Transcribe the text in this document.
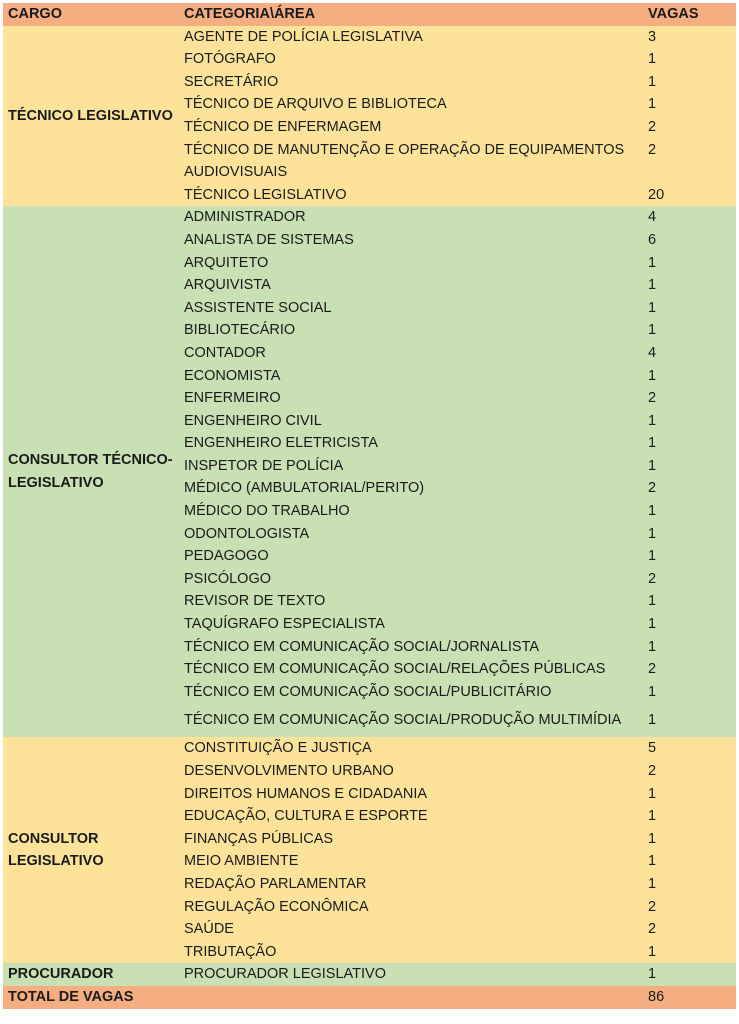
CARGO	CATEGORIA\ÁREA	VAGAS
TÉCNICO LEGISLATIVO	AGENTE DE POLÍCIA LEGISLATIVA	3
	FOTÓGRAFO	1
	SECRETÁRIO	1
	TÉCNICO DE ARQUIVO E BIBLIOTECA	1
	TÉCNICO DE ENFERMAGEM	2
	TÉCNICO DE MANUTENÇÃO E OPERAÇÃO DE EQUIPAMENTOS	2
	AUDIOVISUAIS	
	TÉCNICO LEGISLATIVO	20
CONSULTOR TÉCNICO-
LEGISLATIVO	ADMINISTRADOR	4
	ANALISTA DE SISTEMAS	6
	ARQUITETO	1
	ARQUIVISTA	1
	ASSISTENTE SOCIAL	1
	BIBLIOTECÁRIO	1
	CONTADOR	4
	ECONOMISTA	1
	ENFERMEIRO	2
	ENGENHEIRO CIVIL	1
	ENGENHEIRO ELETRICISTA	1
	INSPETOR DE POLÍCIA	1
	MÉDICO (AMBULATORIAL/PERITO)	2
	MÉDICO DO TRABALHO	1
	ODONTOLOGISTA	1
	PEDAGOGO	1
	PSICÓLOGO	2
	REVISOR DE TEXTO	1
	TAQUÍGRAFO ESPECIALISTA	1
	TÉCNICO EM COMUNICAÇÃO SOCIAL/JORNALISTA	1
	TÉCNICO EM COMUNICAÇÃO SOCIAL/RELAÇÕES PÚBLICAS	2
	TÉCNICO EM COMUNICAÇÃO SOCIAL/PUBLICITÁRIO	1
	TÉCNICO EM COMUNICAÇÃO SOCIAL/PRODUÇÃO MULTIMÍDIA	1
CONSULTOR LEGISLATIVO	CONSTITUIÇÃO E JUSTIÇA	5
	DESENVOLVIMENTO URBANO	2
	DIREITOS HUMANOS E CIDADANIA	1
	EDUCAÇÃO, CULTURA E ESPORTE	1
	FINANÇAS PÚBLICAS	1
	MEIO AMBIENTE	1
	REDAÇÃO PARLAMENTAR	1
	REGULAÇÃO ECONÔMICA	2
	SAÚDE	2
	TRIBUTAÇÃO	1
PROCURADOR	PROCURADOR LEGISLATIVO	1
TOTAL DE VAGAS		86
